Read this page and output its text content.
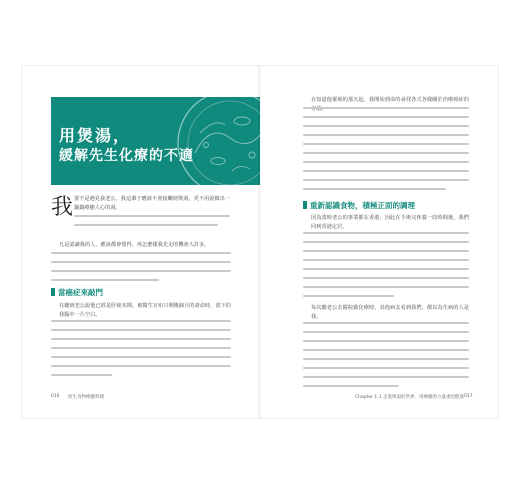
用煲湯，
緩解先生化療的不適
我 要不是遇見我老公，我這輩子應該不會接觸到煲湯，更不用說做出一鍋鍋療癒人心的湯。
凡是認識我的人，應該都會覺得，再怎麼樣我先走的機會大許多。
當癌症來敲門
在聽到老公說他已經是肝癌末期，被醫生宣布只剩幾個月的壽命時，當下的我腦中一片空白。
016 原生食物療癒料理
在知道他罹癌的那天起，我開始到命的尋找各式各樣關於治療癌症的
重新認識食物，積極正面的調理
因為當時老公的事業都在香港，因此在手術完休養一段時間後，我們回到香港定居。
每次聽老公去醫院做化療時，其他病友看到我們，都以為生病的人是我。
Chapter 1.1 走進煲湯的世界，用療癒的力量重拾健康 017
